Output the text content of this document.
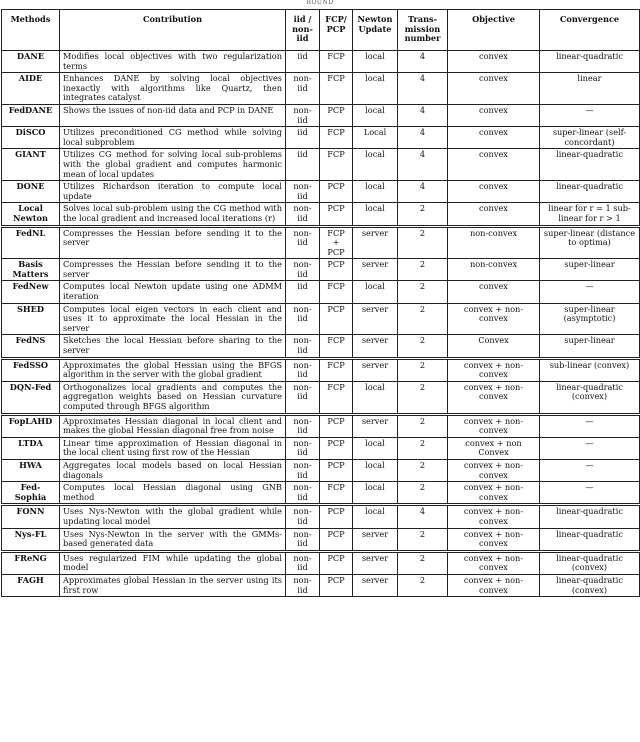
ROUND
Methods	Contribution	iid / non-iid	FCP/ PCP	Newton Update	Trans-mission number	Objective	Convergence
DANE	Modifies local objectives with two regularization terms	iid	FCP	local	4	convex	linear-quadratic
AIDE	Enhances DANE by solving local objectives inexactly with algorithms like Quartz, then integrates catalyst	non-iid	FCP	local	4	convex	linear
FedDANE	Shows the issues of non-iid data and PCP in DANE	non-iid	PCP	local	4	convex	—
DiSCO	Utilizes preconditioned CG method while solving local subproblem	iid	FCP	Local	4	convex	super-linear (self-concordant)
GIANT	Utilizes CG method for solving local sub-problems with the global gradient and computes harmonic mean of local updates	iid	FCP	local	4	convex	linear-quadratic
DONE	Utilizes Richardson iteration to compute local update	non-iid	PCP	local	4	convex	linear-quadratic
Local Newton	Solves local sub-problem using the CG method with the local gradient and increased local iterations (r)	non-iid	PCP	local	2	convex	linear for r = 1 sub-linear for r > 1
FedNL	Compresses the Hessian before sending it to the server	non-iid	FCP + PCP	server	2	non-convex	super-linear (distance to optima)
Basis Matters	Compresses the Hessian before sending it to the server	non-iid	PCP	server	2	non-convex	super-linear
FedNew	Computes local Newton update using one ADMM iteration	iid	FCP	local	2	convex	—
SHED	Computes local eigen vectors in each client and uses it to approximate the local Hessian in the server	non-iid	PCP	server	2	convex + non-convex	super-linear (asymptotic)
FedNS	Sketches the local Hessian before sharing to the server	non-iid	FCP	server	2	Convex	super-linear
FedSSO	Approximates the global Hessian using the BFGS algorithm in the server with the global gradient	non-iid	FCP	server	2	convex + non-convex	sub-linear (convex)
DQN-Fed	Orthogonalizes local gradients and computes the aggregation weights based on Hessian curvature computed through BFGS algorithm	non-iid	FCP	local	2	convex + non-convex	linear-quadratic (convex)
FopLAHD	Approximates Hessian diagonal in local client and makes the global Hessian diagonal free from noise	non-iid	PCP	server	2	convex + non-convex	—
LTDA	Linear time approximation of Hessian diagonal in the local client using first row of the Hessian	non-iid	PCP	local	2	convex + non Convex	—
HWA	Aggregates local models based on local Hessian diagonals	non-iid	PCP	local	2	convex + non-convex	—
Fed-Sophia	Computes local Hessian diagonal using GNB method	non-iid	FCP	local	2	convex + non-convex	—
FONN	Uses Nys-Newton with the global gradient while updating local model	non-iid	PCP	local	4	convex + non-convex	linear-quadratic
Nys-FL	Uses Nys-Newton in the server with the GMMs-based generated data	non-iid	PCP	server	2	convex + non-convex	linear-quadratic
FReNG	Uses regularized FIM while updating the global model	non-iid	PCP	server	2	convex + non-convex	linear-quadratic (convex)
FAGH	Approximates global Hessian in the server using its first row	non-iid	PCP	server	2	convex + non-convex	linear-quadratic (convex)
